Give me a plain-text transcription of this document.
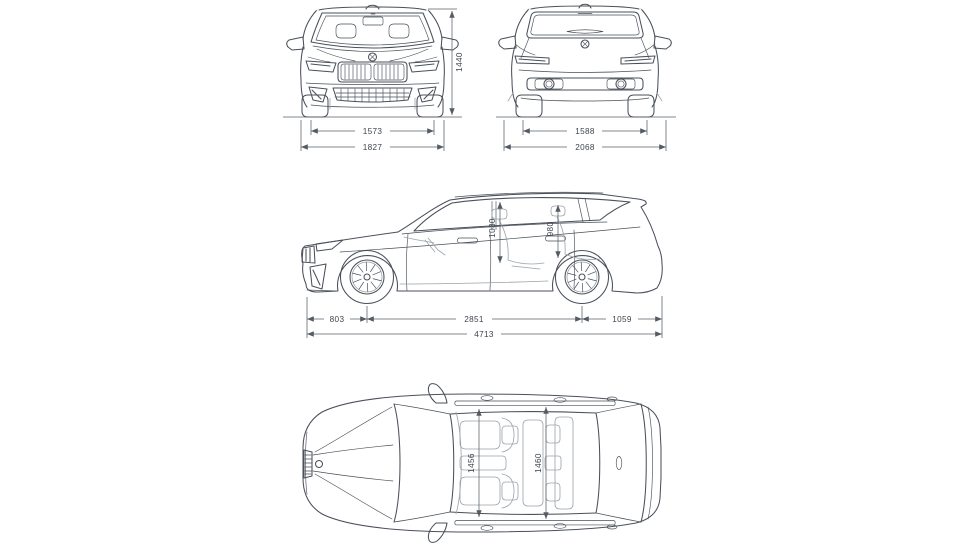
1573
1827
1440
1588
2068
1030	980
803	2851	1059
4713
1456	1460
